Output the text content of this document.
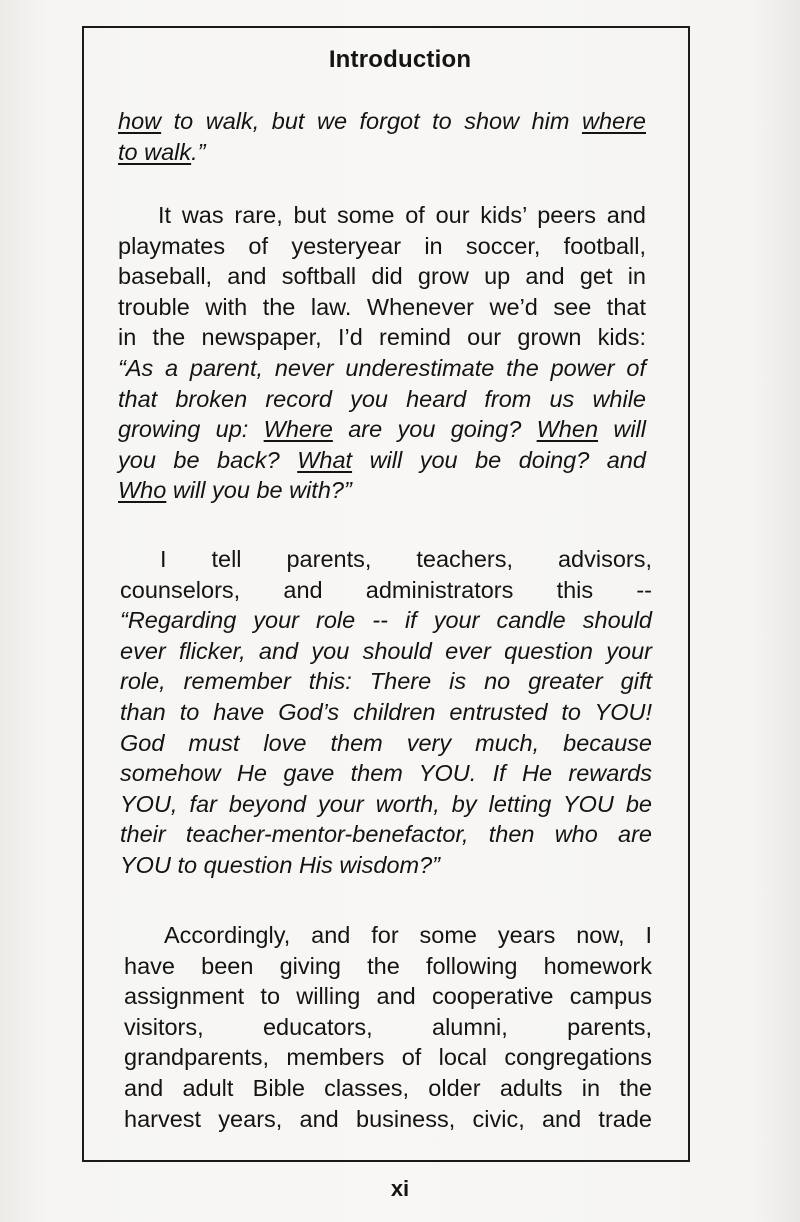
Introduction

how to walk, but we forgot to show him where
to walk.”

It was rare, but some of our kids’ peers and
playmates of yesteryear in soccer, football,
baseball, and softball did grow up and get in
trouble with the law. Whenever we’d see that
in the newspaper, I’d remind our grown kids:
“As a parent, never underestimate the power of
that broken record you heard from us while
growing up: Where are you going? When will
you be back? What will you be doing? and
Who will you be with?”

I tell parents, teachers, advisors,
counselors, and administrators this --
“Regarding your role -- if your candle should
ever flicker, and you should ever question your
role, remember this: There is no greater gift
than to have God’s children entrusted to YOU!
God must love them very much, because
somehow He gave them YOU. If He rewards
YOU, far beyond your worth, by letting YOU be
their teacher-mentor-benefactor, then who are
YOU to question His wisdom?”

Accordingly, and for some years now, I
have been giving the following homework
assignment to willing and cooperative campus
visitors, educators, alumni, parents,
grandparents, members of local congregations
and adult Bible classes, older adults in the
harvest years, and business, civic, and trade

xi
